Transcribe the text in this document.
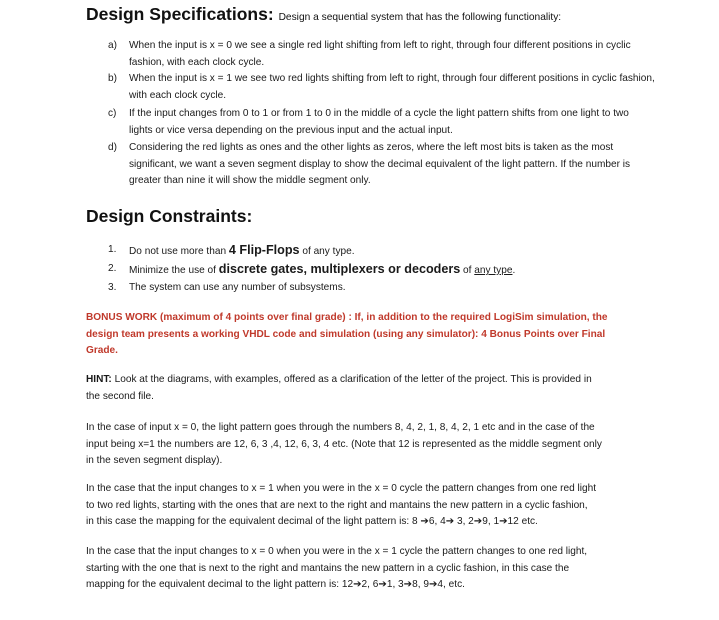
Design Specifications: Design a sequential system that has the following functionality:
a)	When the input is x = 0 we see a single red light shifting from left to right, through four different positions in cyclic fashion, with each clock cycle.
b)	When the input is x = 1 we see two red lights shifting from left to right, through four different positions in cyclic fashion, with each clock cycle.
c)	If the input changes from 0 to 1 or from 1 to 0 in the middle of a cycle the light pattern shifts from one light to two lights or vice versa depending on the previous input and the actual input.
d)	Considering the red lights as ones and the other lights as zeros, where the left most bits is taken as the most significant, we want a seven segment display to show the decimal equivalent of the light pattern. If the number is greater than nine it will show the middle segment only.
Design Constraints:
1.	Do not use more than 4 Flip-Flops of any type.
2.	Minimize the use of discrete gates, multiplexers or decoders of any type.
3.	The system can use any number of subsystems.
BONUS WORK (maximum of 4 points over final grade) : If, in addition to the required LogiSim simulation, the
design team presents a working VHDL code and simulation (using any simulator): 4 Bonus Points over Final
Grade.
HINT: Look at the diagrams, with examples, offered as a clarification of the letter of the project. This is provided in
the second file.
In the case of input x = 0, the light pattern goes through the numbers 8, 4, 2, 1, 8, 4, 2, 1 etc and in the case of the
input being x=1 the numbers are 12, 6, 3 ,4, 12, 6, 3, 4 etc. (Note that 12 is represented as the middle segment only
in the seven segment display).
In the case that the input changes to x = 1 when you were in the x = 0 cycle the pattern changes from one red light
to two red lights, starting with the ones that are next to the right and mantains the new pattern in a cyclic fashion,
in this case the mapping for the equivalent decimal of the light pattern is: 8 ➔6, 4➔ 3, 2➔9, 1➔12 etc.
In the case that the input changes to x = 0 when you were in the x = 1 cycle the pattern changes to one red light,
starting with the one that is next to the right and mantains the new pattern in a cyclic fashion, in this case the
mapping for the equivalent decimal to the light pattern is: 12➔2, 6➔1, 3➔8, 9➔4, etc.
